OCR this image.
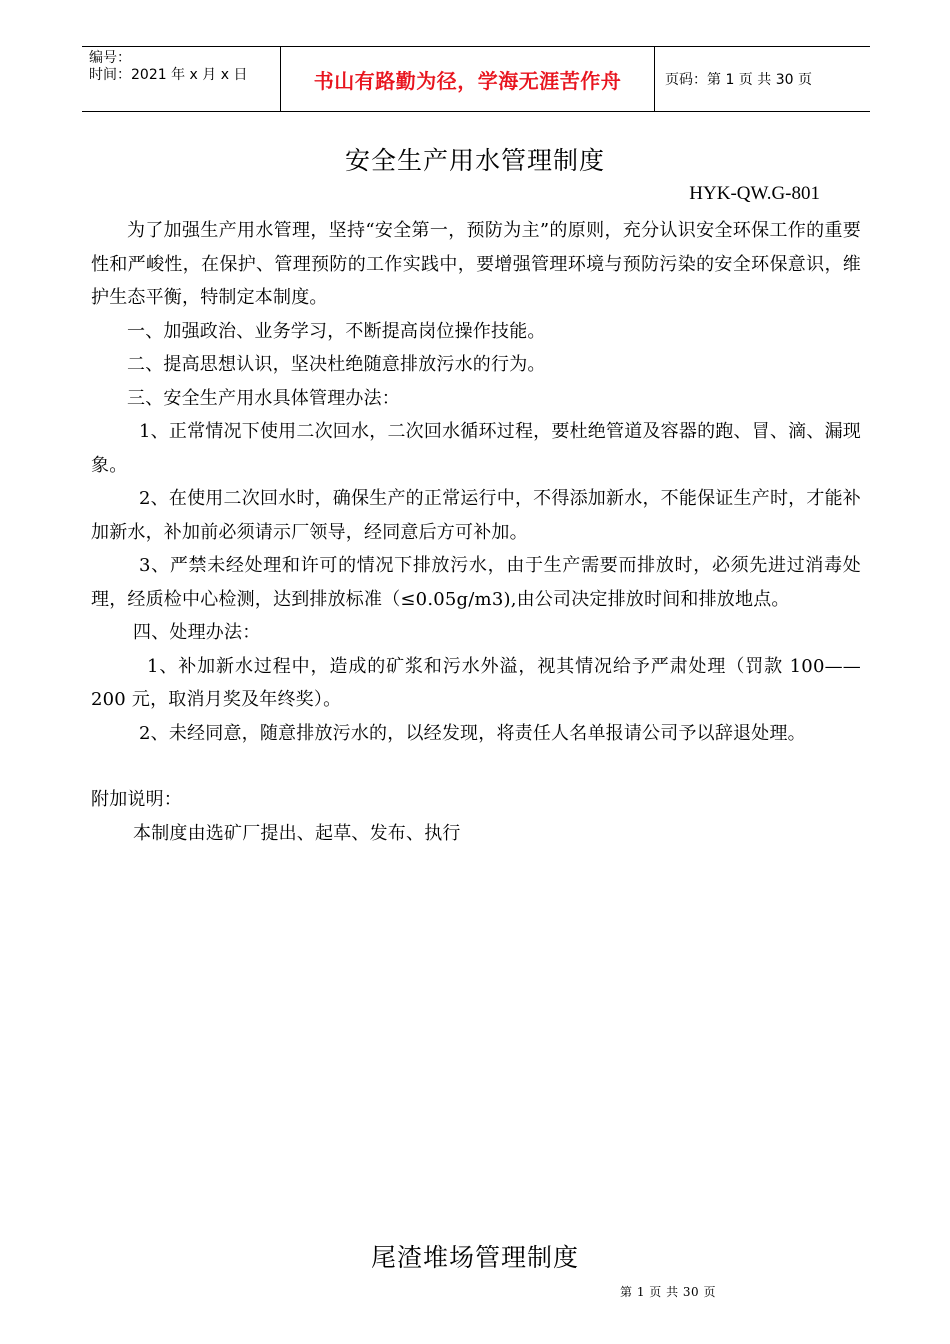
编号：
时间：2021 年 x 月 x 日	书山有路勤为径，学海无涯苦作舟	页码：第 1 页 共 30 页
安全生产用水管理制度
HYK-QW.G-801

为了加强生产用水管理，坚持“安全第一，预防为主”的原则，充分认识安全环保工作的重要性和严峻性，在保护、管理预防的工作实践中，要增强管理环境与预防污染的安全环保意识，维护生态平衡，特制定本制度。

一、加强政治、业务学习，不断提高岗位操作技能。

二、提高思想认识，坚决杜绝随意排放污水的行为。

三、安全生产用水具体管理办法：

1、正常情况下使用二次回水，二次回水循环过程，要杜绝管道及容器的跑、冒、滴、漏现象。

2、在使用二次回水时，确保生产的正常运行中，不得添加新水，不能保证生产时，才能补加新水，补加前必须请示厂领导，经同意后方可补加。

3、严禁未经处理和许可的情况下排放污水，由于生产需要而排放时，必须先进过消毒处理，经质检中心检测，达到排放标准（≤0.05g/m3),由公司决定排放时间和排放地点。

四、处理办法：

1、补加新水过程中，造成的矿浆和污水外溢，视其情况给予严肃处理（罚款 100——200 元，取消月奖及年终奖）。

2、未经同意，随意排放污水的，以经发现，将责任人名单报请公司予以辞退处理。

附加说明：

本制度由选矿厂提出、起草、发布、执行

尾渣堆场管理制度
第 1 页 共 30 页
